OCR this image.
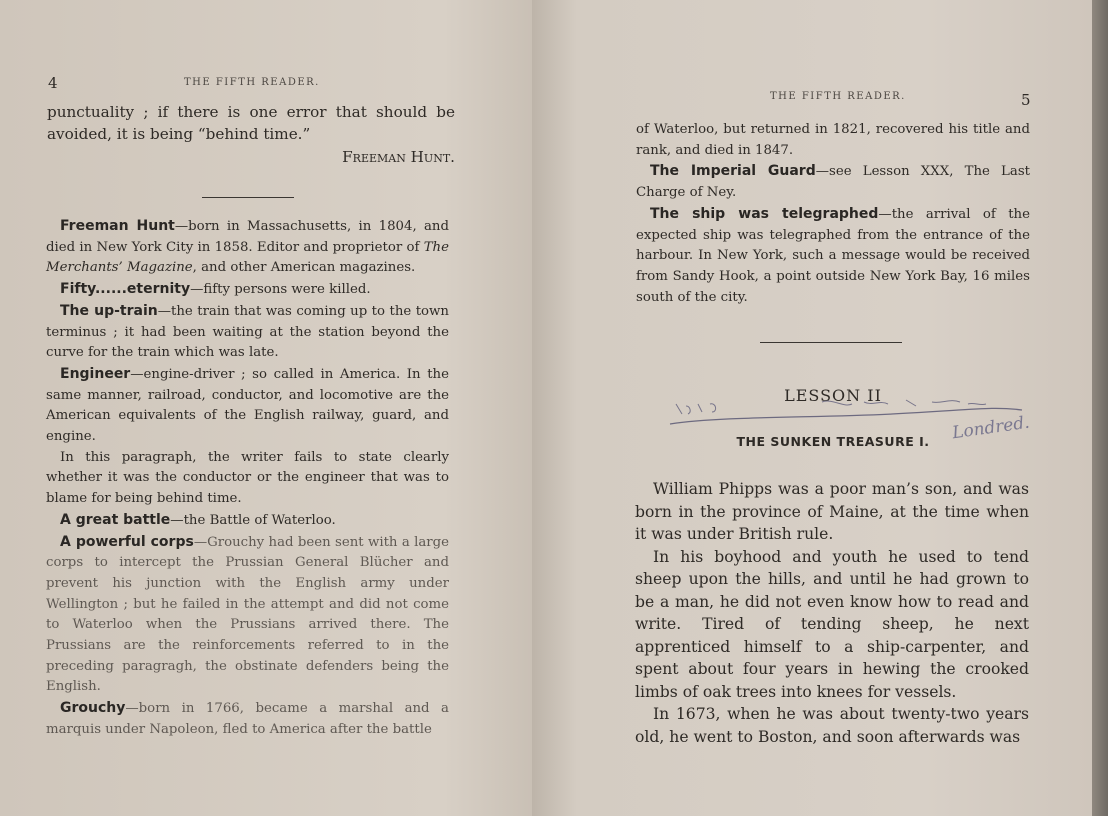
4	THE FIFTH READER.

punctuality ; if there is one error that should be

avoided, it is being “behind time.”

Freeman Hunt.

Freeman Hunt—born in Massachusetts, in 1804, and died in New York City in 1858. Editor and proprietor of The Merchants’ Magazine, and other American magazines.

Fifty......eternity—fifty persons were killed.

The up-train—the train that was coming up to the town terminus ; it had been waiting at the station beyond the curve for the train which was late.

Engineer—engine-driver ; so called in America. In the same manner, railroad, conductor, and locomotive are the American equivalents of the English railway, guard, and engine.

In this paragraph, the writer fails to state clearly whether it was the conductor or the engineer that was to blame for being behind time.

A great battle—the Battle of Waterloo.

A powerful corps—Grouchy had been sent with a large corps to intercept the Prussian General Blücher and prevent his junction with the English army under Wellington ; but he failed in the attempt and did not come to Waterloo when the Prussians arrived there. The Prussians are the reinforcements referred to in the preceding paragragh, the obstinate defenders being the English.

Grouchy—born in 1766, became a marshal and a marquis under Napoleon, fled to America after the battle

THE FIFTH READER.	5

of Waterloo, but returned in 1821, recovered his title and rank, and died in 1847.

The Imperial Guard—see Lesson XXX, The Last Charge of Ney.

The ship was telegraphed—the arrival of the expected ship was telegraphed from the entrance of the harbour. In New York, such a message would be received from Sandy Hook, a point outside New York Bay, 16 miles south of the city.

LESSON II
Londred.
THE SUNKEN TREASURE I.

William Phipps was a poor man’s son, and was born in the province of Maine, at the time when it was under British rule.

In his boyhood and youth he used to tend sheep upon the hills, and until he had grown to be a man, he did not even know how to read and write. Tired of tending sheep, he next apprenticed himself to a ship-carpenter, and spent about four years in hewing the crooked limbs of oak trees into knees for vessels.

In 1673, when he was about twenty-two years old, he went to Boston, and soon afterwards was
